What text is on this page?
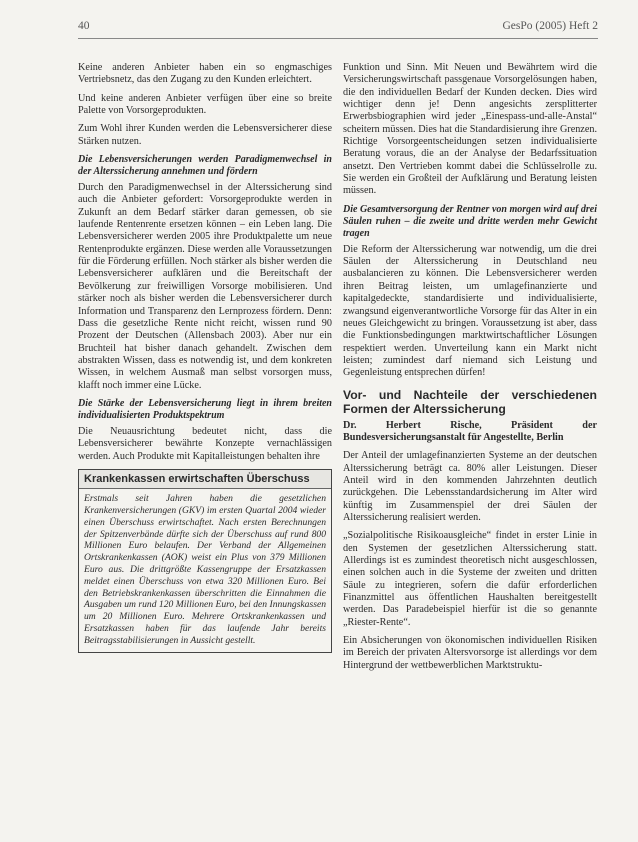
40	GesPo (2005) Heft 2

Keine anderen Anbieter haben ein so engmaschiges Vertriebsnetz, das den Zugang zu den Kunden erleichtert.

Und keine anderen Anbieter verfügen über eine so breite Palette von Vorsorgeprodukten.

Zum Wohl ihrer Kunden werden die Lebensversicherer diese Stärken nutzen.

Die Lebensversicherungen werden Paradigmenwechsel in der Alterssicherung annehmen und fördern

Durch den Paradigmenwechsel in der Alterssicherung sind auch die Anbieter gefordert: Vorsorgeprodukte werden in Zukunft an dem Bedarf stärker daran gemessen, ob sie laufende Rentenrente ersetzen können – ein Leben lang. Die Lebensversicherer werden 2005 ihre Produktpalette um neue Rentenprodukte ergänzen. Diese werden alle Voraussetzungen für die Förderung erfüllen. Noch stärker als bisher werden die Lebensversicherer aufklären und die Bereitschaft der Bevölkerung zur freiwilligen Vorsorge mobilisieren. Und stärker noch als bisher werden die Lebensversicherer durch Information und Transparenz den Lernprozess fördern. Denn: Dass die gesetzliche Rente nicht reicht, wissen rund 90 Prozent der Deutschen (Allensbach 2003). Aber nur ein Bruchteil hat bisher danach gehandelt. Zwischen dem abstrakten Wissen, dass es notwendig ist, und dem konkreten Wissen, in welchem Ausmaß man selbst vorsorgen muss, klafft noch immer eine Lücke.

Die Stärke der Lebensversicherung liegt in ihrem breiten individualisierten Produktspektrum

Die Neuausrichtung bedeutet nicht, dass die Lebensversicherer bewährte Konzepte vernachlässigen werden. Auch Produkte mit Kapitalleistungen behalten ihre

Krankenkassen erwirtschaften Überschuss
Erstmals seit Jahren haben die gesetzlichen Krankenversicherungen (GKV) im ersten Quartal 2004 wieder einen Überschuss erwirtschaftet. Nach ersten Berechnungen der Spitzenverbände dürfte sich der Überschuss auf rund 800 Millionen Euro belaufen. Der Verband der Allgemeinen Ortskrankenkassen (AOK) weist ein Plus von 379 Millionen Euro aus. Die drittgrößte Kassengruppe der Ersatzkassen meldet einen Überschuss von etwa 320 Millionen Euro. Bei den Betriebskrankenkassen überschritten die Einnahmen die Ausgaben um rund 120 Millionen Euro, bei den Innungskassen um 20 Millionen Euro. Mehrere Ortskrankenkassen und Ersatzkassen haben für das laufende Jahr bereits Beitragsstabilisierungen in Aussicht gestellt.

Funktion und Sinn. Mit Neuen und Bewährtem wird die Versicherungswirtschaft passgenaue Vorsorgelösungen haben, die den individuellen Bedarf der Kunden decken. Dies wird wichtiger denn je! Denn angesichts zersplitterter Erwerbsbiographien wird jeder „Einespass-und-alle-Anstal“ scheitern müssen. Dies hat die Standardisierung ihre Grenzen. Richtige Vorsorgeentscheidungen setzen individualisierte Beratung voraus, die an der Analyse der Bedarfssituation ansetzt. Den Vertrieben kommt dabei die Schlüsselrolle zu. Sie werden ein Großteil der Aufklärung und Beratung leisten müssen.

Die Gesamtversorgung der Rentner von morgen wird auf drei Säulen ruhen – die zweite und dritte werden mehr Gewicht tragen

Die Reform der Alterssicherung war notwendig, um die drei Säulen der Alterssicherung in Deutschland neu ausbalancieren zu können. Die Lebensversicherer werden ihren Beitrag leisten, um umlagefinanzierte und kapitalgedeckte, standardisierte und individualisierte, zwangsund eigenverantwortliche Vorsorge für das Alter in ein neues Gleichgewicht zu bringen. Voraussetzung ist aber, dass die Funktionsbedingungen marktwirtschaftlicher Lösungen respektiert werden. Unverteilung kann ein Markt nicht leisten; zumindest darf niemand sich Leistung und Gegenleistung entsprechen dürfen!

Vor- und Nachteile der verschiedenen Formen der Alterssicherung

Dr. Herbert Rische, Präsident der Bundesversicherungsanstalt für Angestellte, Berlin

Der Anteil der umlagefinanzierten Systeme an der deutschen Alterssicherung beträgt ca. 80% aller Leistungen. Dieser Anteil wird in den kommenden Jahrzehnten deutlich zurückgehen. Die Lebensstandardsicherung im Alter wird künftig im Zusammenspiel der drei Säulen der Alterssicherung realisiert werden.

„Sozialpolitische Risikoausgleiche“ findet in erster Linie in den Systemen der gesetzlichen Alterssicherung statt. Allerdings ist es zumindest theoretisch nicht ausgeschlossen, einen solchen auch in die Systeme der zweiten und dritten Säule zu integrieren, sofern die dafür erforderlichen Finanzmittel aus öffentlichen Haushalten bereitgestellt werden. Das Paradebeispiel hierfür ist die so genannte „Riester-Rente“.

Ein Absicherungen von ökonomischen individuellen Risiken im Bereich der privaten Altersvorsorge ist allerdings vor dem Hintergrund der wettbewerblichen Marktstruktu-
